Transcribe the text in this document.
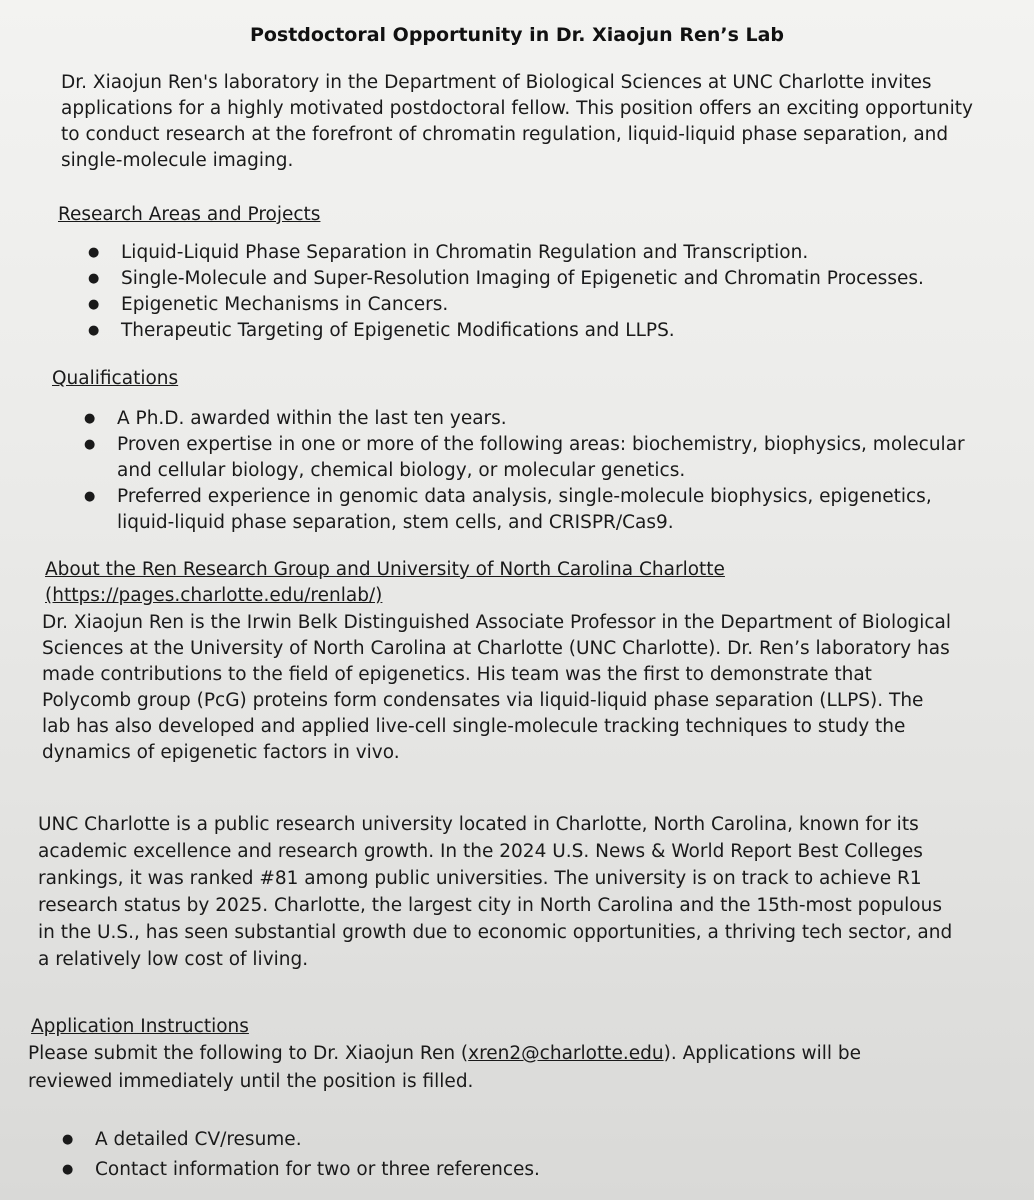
Postdoctoral Opportunity in Dr. Xiaojun Ren’s Lab

Dr. Xiaojun Ren's laboratory in the Department of Biological Sciences at UNC Charlotte invites
applications for a highly motivated postdoctoral fellow. This position offers an exciting opportunity
to conduct research at the forefront of chromatin regulation, liquid-liquid phase separation, and
single-molecule imaging.

Research Areas and Projects
● Liquid-Liquid Phase Separation in Chromatin Regulation and Transcription.
● Single-Molecule and Super-Resolution Imaging of Epigenetic and Chromatin Processes.
● Epigenetic Mechanisms in Cancers.
● Therapeutic Targeting of Epigenetic Modifications and LLPS.
Qualifications
● A Ph.D. awarded within the last ten years.
● Proven expertise in one or more of the following areas: biochemistry, biophysics, molecular
and cellular biology, chemical biology, or molecular genetics.
● Preferred experience in genomic data analysis, single-molecule biophysics, epigenetics,
liquid-liquid phase separation, stem cells, and CRISPR/Cas9.
About the Ren Research Group and University of North Carolina Charlotte
(https://pages.charlotte.edu/renlab/)

Dr. Xiaojun Ren is the Irwin Belk Distinguished Associate Professor in the Department of Biological
Sciences at the University of North Carolina at Charlotte (UNC Charlotte). Dr. Ren’s laboratory has
made contributions to the field of epigenetics. His team was the first to demonstrate that
Polycomb group (PcG) proteins form condensates via liquid-liquid phase separation (LLPS). The
lab has also developed and applied live-cell single-molecule tracking techniques to study the
dynamics of epigenetic factors in vivo.

UNC Charlotte is a public research university located in Charlotte, North Carolina, known for its
academic excellence and research growth. In the 2024 U.S. News & World Report Best Colleges
rankings, it was ranked #81 among public universities. The university is on track to achieve R1
research status by 2025. Charlotte, the largest city in North Carolina and the 15th-most populous
in the U.S., has seen substantial growth due to economic opportunities, a thriving tech sector, and
a relatively low cost of living.

Application Instructions

Please submit the following to Dr. Xiaojun Ren (xren2@charlotte.edu). Applications will be
reviewed immediately until the position is filled.

● A detailed CV/resume.
● Contact information for two or three references.
